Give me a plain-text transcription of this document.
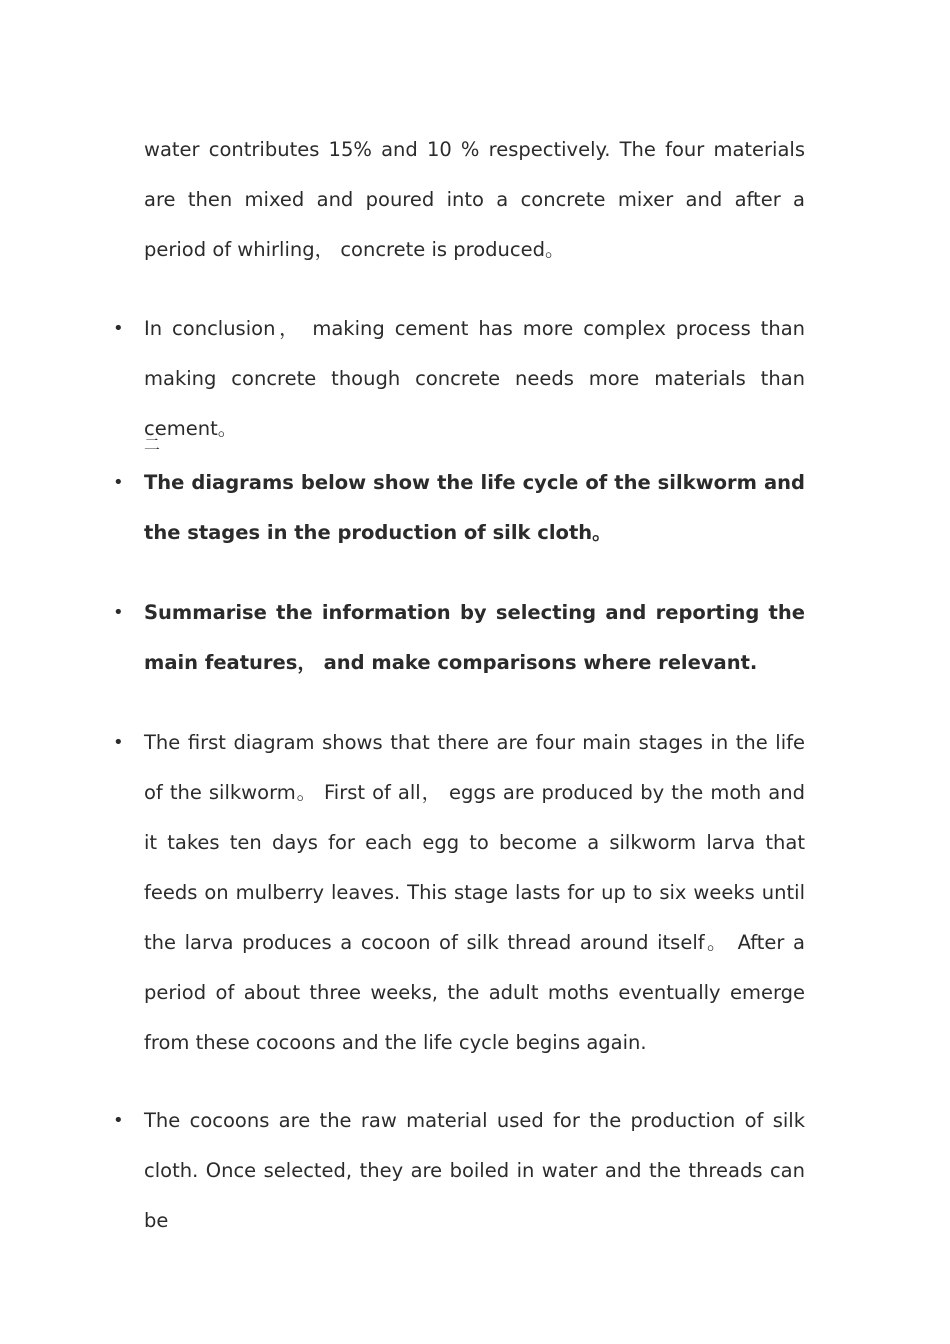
water contributes 15% and 10 % respectively. The four materials are then mixed and poured into a concrete mixer and after a period of whirling， concrete is produced。

• In conclusion， making cement has more complex process than making concrete though concrete needs more materials than cement。

二
• The diagrams below show the life cycle of the silkworm and the stages in the production of silk cloth。

• Summarise the information by selecting and reporting the main features， and make comparisons where relevant.

• The first diagram shows that there are four main stages in the life of the silkworm。 First of all， eggs are produced by the moth and it takes ten days for each egg to become a silkworm larva that feeds on mulberry leaves. This stage lasts for up to six weeks until the larva produces a cocoon of silk thread around itself。 After a period of about three weeks, the adult moths eventually emerge from these cocoons and the life cycle begins again.

• The cocoons are the raw material used for the production of silk cloth. Once selected, they are boiled in water and the threads can be
